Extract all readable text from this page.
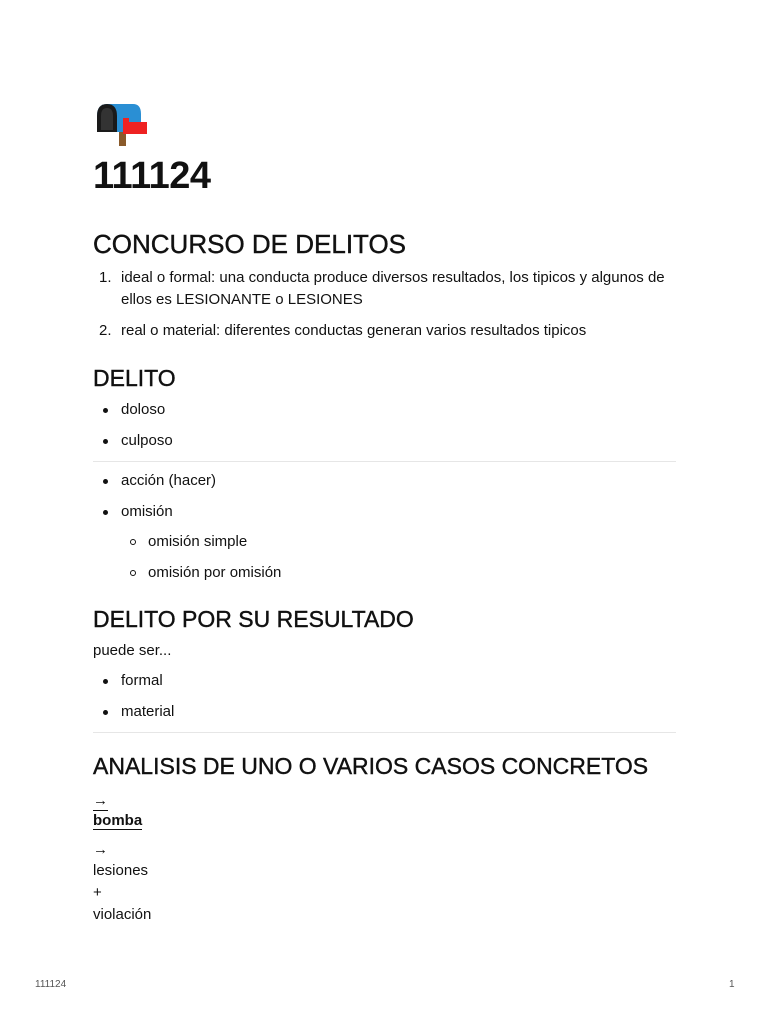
111124
CONCURSO DE DELITOS
1. ideal o formal: una conducta produce diversos resultados, los tipicos y algunos de ellos es LESIONANTE o LESIONES
2. real o material: diferentes conductas generan varios resultados tipicos
DELITO
doloso
culposo
acción (hacer)
omisión
omisión simple
omisión por omisión
DELITO POR SU RESULTADO
puede ser...
formal
material
ANALISIS DE UNO O VARIOS CASOS CONCRETOS
→
bomba
→
lesiones
+
violación
111124	1
